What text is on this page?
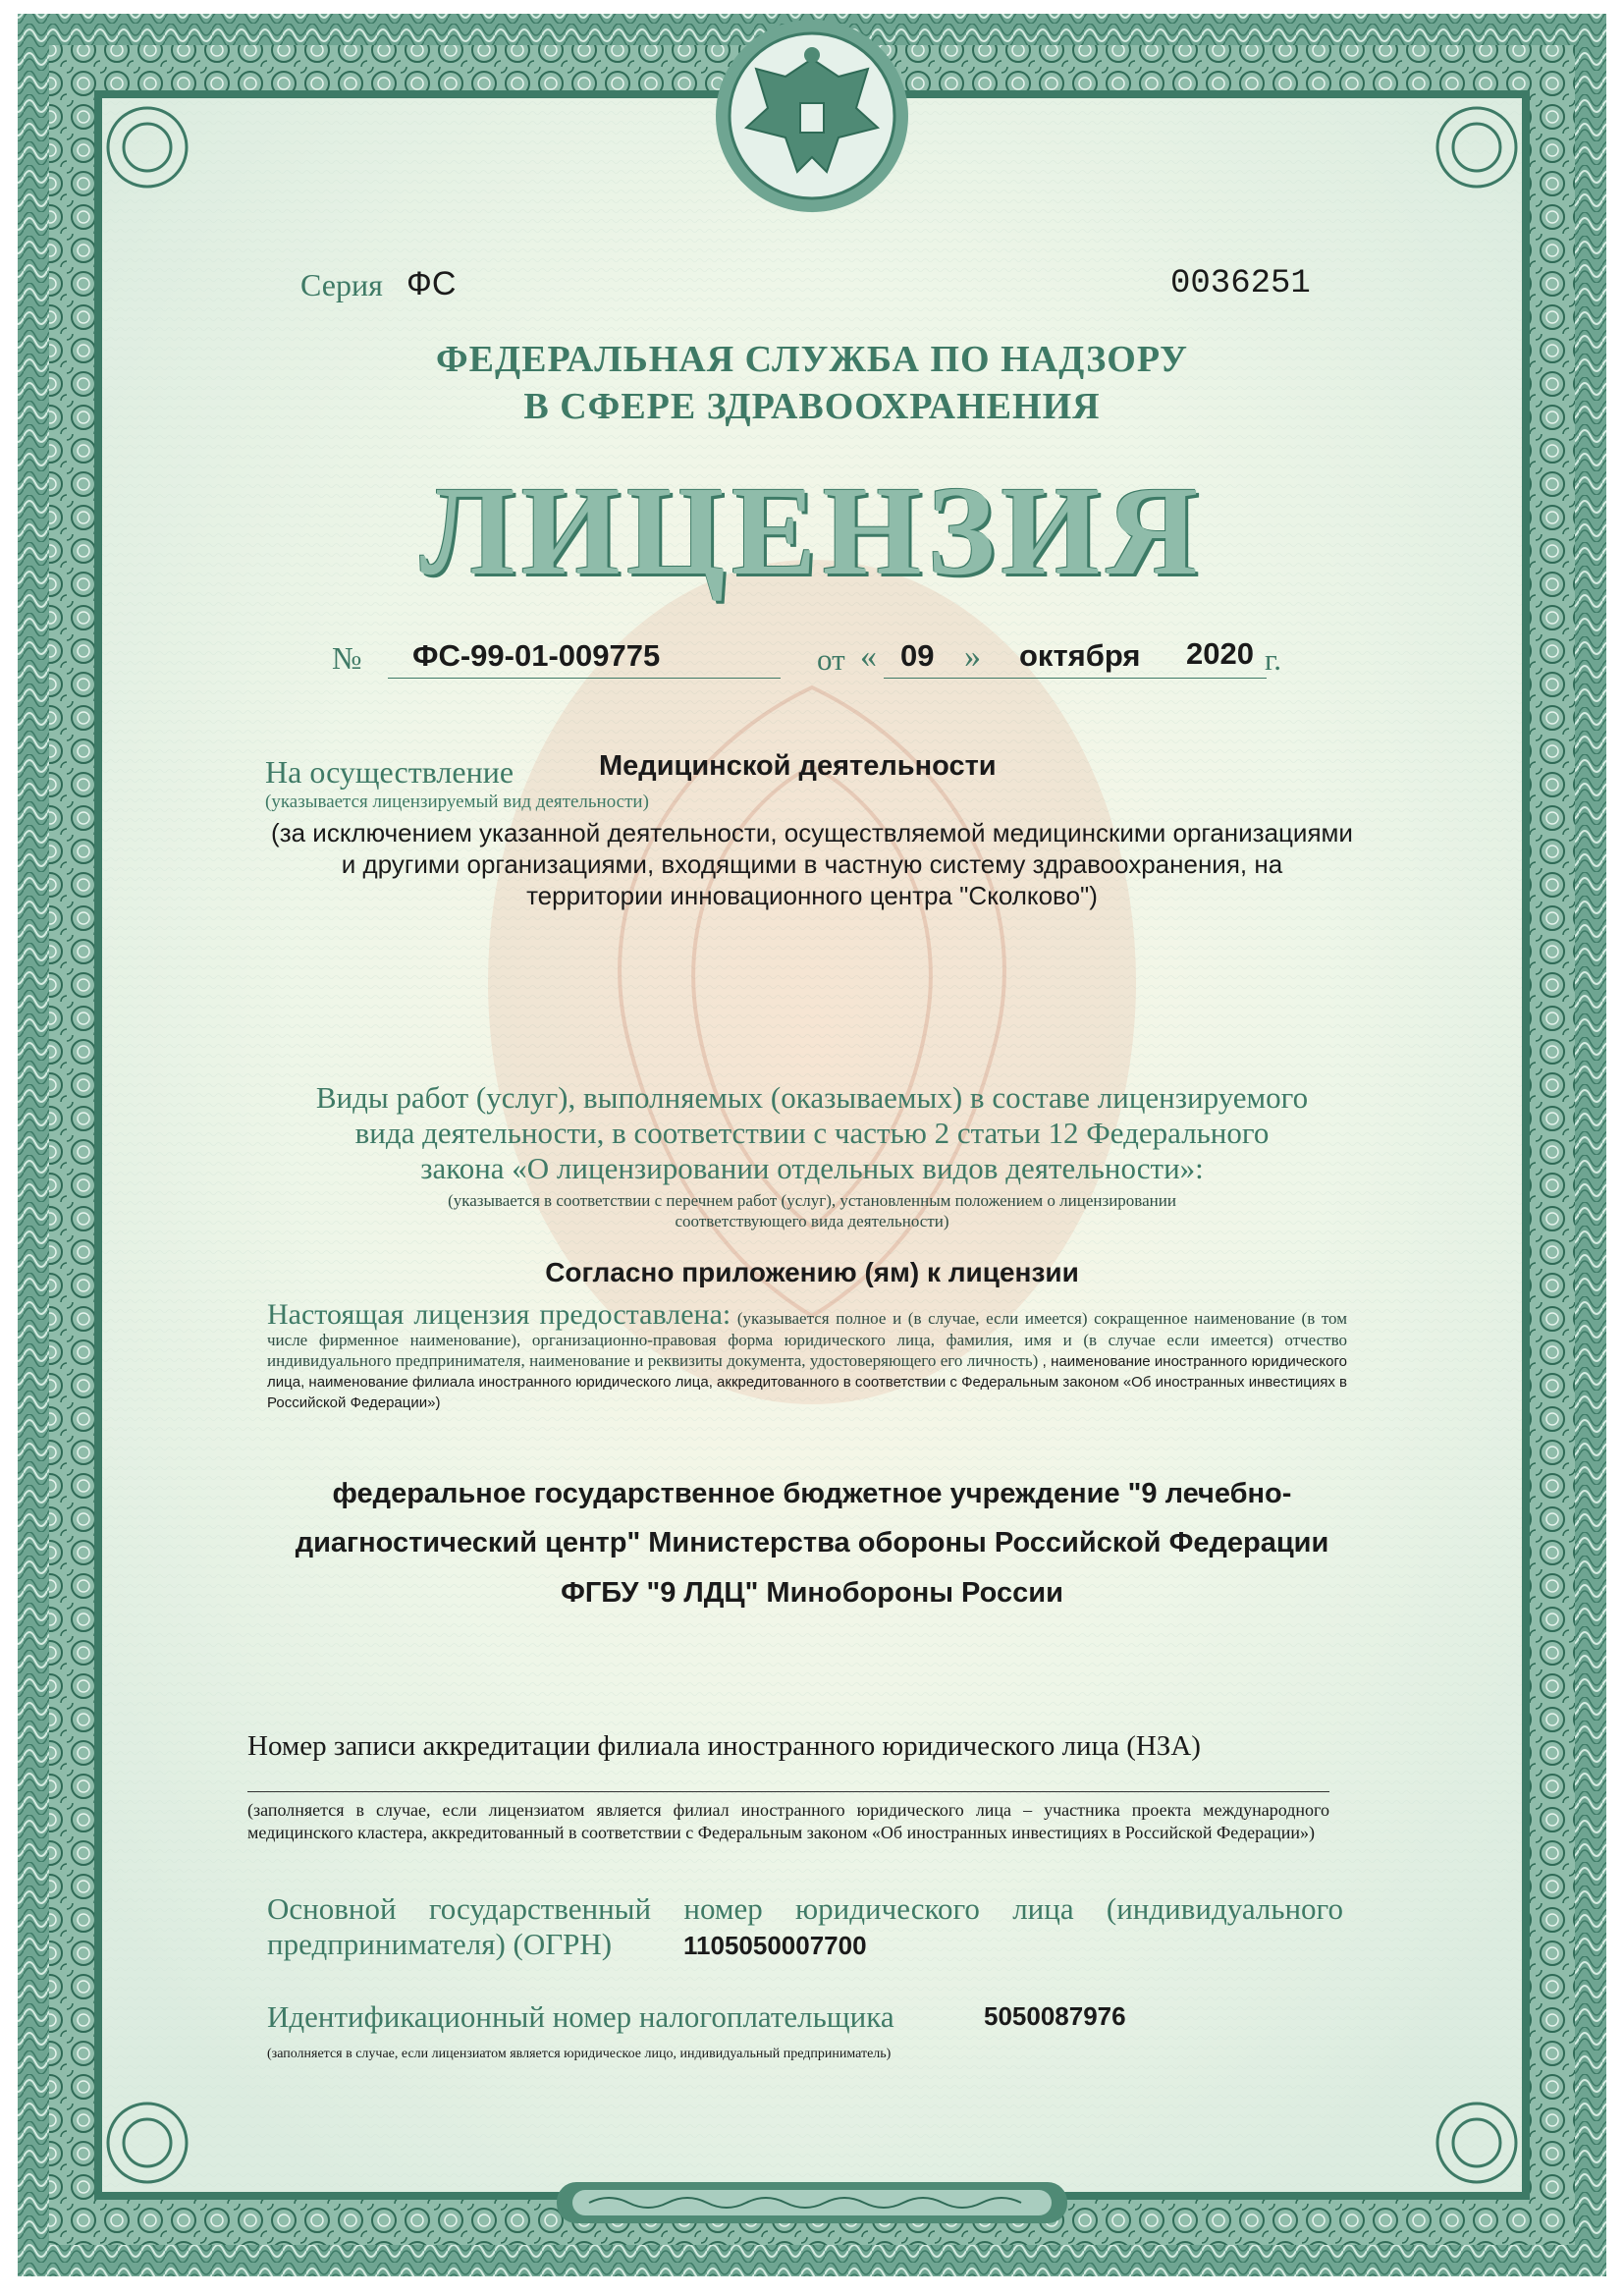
Серия ФС	0036251
ФЕДЕРАЛЬНАЯ СЛУЖБА ПО НАДЗОРУ
В СФЕРЕ ЗДРАВООХРАНЕНИЯ
ЛИЦЕНЗИЯ
№ ФС-99-01-009775	от « 09 » октября 2020 г.
На осуществление	Медицинской деятельности
(указывается лицензируемый вид деятельности)
(за исключением указанной деятельности, осуществляемой медицинскими организациями
и другими организациями, входящими в частную систему здравоохранения, на
территории инновационного центра "Сколково")
Виды работ (услуг), выполняемых (оказываемых) в составе лицензируемого
вида деятельности, в соответствии с частью 2 статьи 12 Федерального
закона «О лицензировании отдельных видов деятельности»:
(указывается в соответствии с перечнем работ (услуг), установленным положением о лицензировании
соответствующего вида деятельности)
Согласно приложению (ям) к лицензии
Настоящая лицензия предоставлена: (указывается полное и (в случае, если имеется) сокращенное наименование (в том числе фирменное наименование), организационно-правовая форма юридического лица, фамилия, имя и (в случае если имеется) отчество индивидуального предпринимателя, наименование и реквизиты документа, удостоверяющего его личность) , наименование иностранного юридического лица, наименование филиала иностранного юридического лица, аккредитованного в соответствии с Федеральным законом «Об иностранных инвестициях в Российской Федерации»)
федеральное государственное бюджетное учреждение "9 лечебно-
диагностический центр" Министерства обороны Российской Федерации
ФГБУ "9 ЛДЦ" Минобороны России
Номер записи аккредитации филиала иностранного юридического лица (НЗА)
(заполняется в случае, если лицензиатом является филиал иностранного юридического лица – участника проекта международного медицинского кластера, аккредитованный в соответствии с Федеральным законом «Об иностранных инвестициях в Российской Федерации»)
Основной государственный номер юридического лица (индивидуального
предпринимателя) (ОГРН)	1105050007700
Идентификационный номер налогоплательщика	5050087976
(заполняется в случае, если лицензиатом является юридическое лицо, индивидуальный предприниматель)
